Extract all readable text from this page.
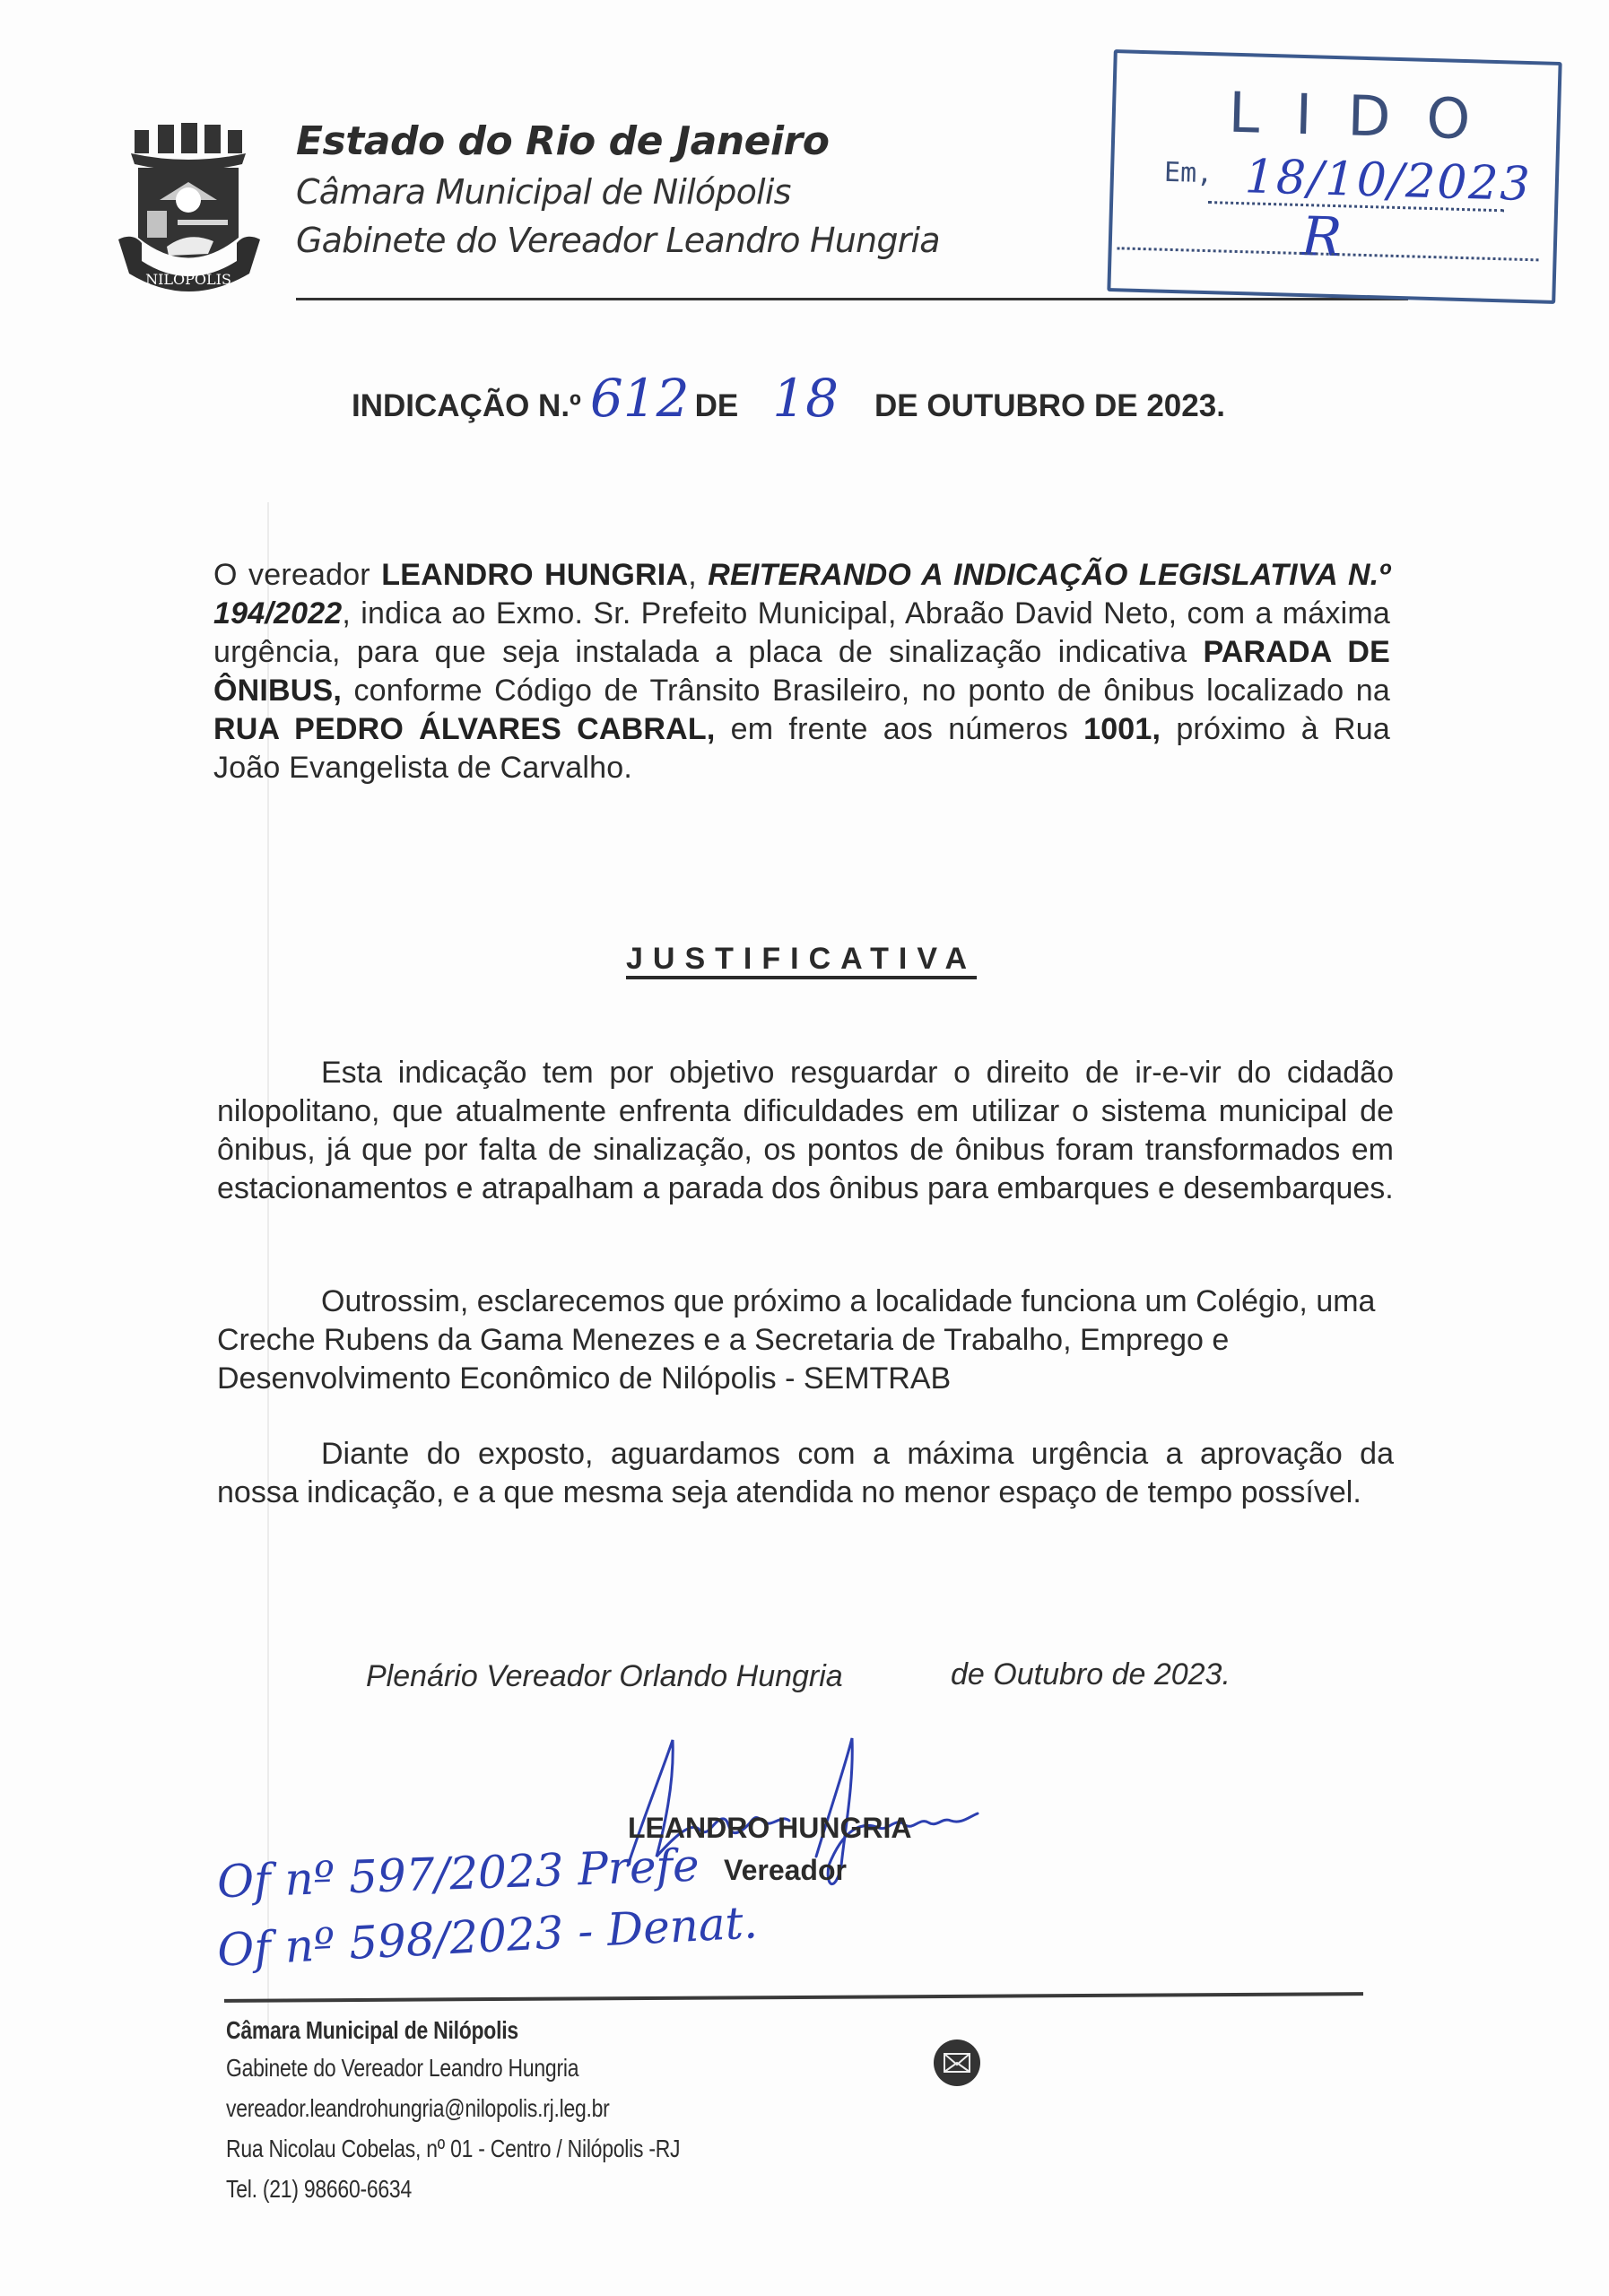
NILOPOLIS
Estado do Rio de Janeiro
Câmara Municipal de Nilópolis
Gabinete do Vereador Leandro Hungria
LIDO
Em, 18/10/2023
R
INDICAÇÃO N.º 612 DE 18 DE OUTUBRO DE 2023.
O vereador LEANDRO HUNGRIA, REITERANDO A INDICAÇÃO LEGISLATIVA N.º 194/2022, indica ao Exmo. Sr. Prefeito Municipal, Abraão David Neto, com a máxima urgência, para que seja instalada a placa de sinalização indicativa PARADA DE ÔNIBUS, conforme Código de Trânsito Brasileiro, no ponto de ônibus localizado na RUA PEDRO ÁLVARES CABRAL, em frente aos números 1001, próximo à Rua João Evangelista de Carvalho.
JUSTIFICATIVA
Esta indicação tem por objetivo resguardar o direito de ir-e-vir do cidadão nilopolitano, que atualmente enfrenta dificuldades em utilizar o sistema municipal de ônibus, já que por falta de sinalização, os pontos de ônibus foram transformados em estacionamentos e atrapalham a parada dos ônibus para embarques e desembarques.
Outrossim, esclarecemos que próximo a localidade funciona um Colégio, uma Creche Rubens da Gama Menezes e a Secretaria de Trabalho, Emprego e Desenvolvimento Econômico de Nilópolis - SEMTRAB
Diante do exposto, aguardamos com a máxima urgência a aprovação da nossa indicação, e a que mesma seja atendida no menor espaço de tempo possível.
Plenário Vereador Orlando Hungria	de Outubro de 2023.
LEANDRO HUNGRIA
Vereador
Of nº 597/2023 Prefe
Of nº 598/2023 - Denat.
Câmara Municipal de Nilópolis
Gabinete do Vereador Leandro Hungria
vereador.leandrohungria@nilopolis.rj.leg.br
Rua Nicolau Cobelas, nº 01 - Centro / Nilópolis -RJ
Tel. (21) 98660-6634
